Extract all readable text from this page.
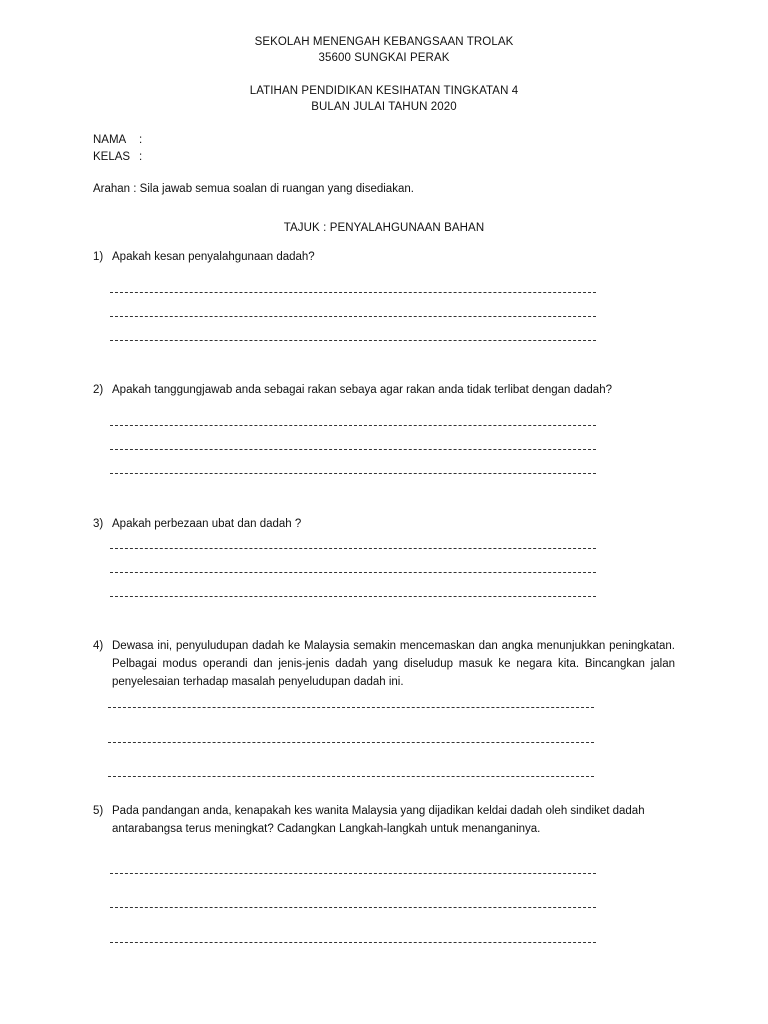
SEKOLAH MENENGAH KEBANGSAAN TROLAK
35600 SUNGKAI PERAK
LATIHAN PENDIDIKAN KESIHATAN TINGKATAN 4
BULAN JULAI TAHUN 2020
NAMA :
KELAS :
Arahan : Sila jawab semua soalan di ruangan yang disediakan.
TAJUK : PENYALAHGUNAAN BAHAN
1) Apakah kesan penyalahgunaan dadah?
2) Apakah tanggungjawab anda sebagai rakan sebaya agar rakan anda tidak terlibat dengan dadah?
3) Apakah perbezaan ubat dan dadah ?
4) Dewasa ini, penyuludupan dadah ke Malaysia semakin mencemaskan dan angka menunjukkan peningkatan. Pelbagai modus operandi dan jenis-jenis dadah yang diseludup masuk ke negara kita. Bincangkan jalan penyelesaian terhadap masalah penyeludupan dadah ini.
5) Pada pandangan anda, kenapakah kes wanita Malaysia yang dijadikan keldai dadah oleh sindiket dadah antarabangsa terus meningkat? Cadangkan Langkah-langkah untuk menanganinya.
